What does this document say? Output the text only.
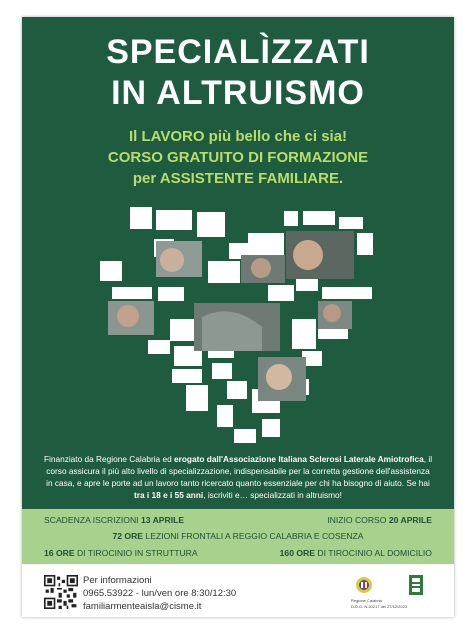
SPECIALÌZZATI
IN ALTRUISMO
Il LAVORO più bello che ci sia!
CORSO GRATUITO DI FORMAZIONE
per ASSISTENTE FAMILIARE.
Finanziato da Regione Calabria ed erogato dall'Associazione Italiana Sclerosi Laterale Amiotrofica, il corso assicura il più alto livello di specializzazione, indispensabile per la corretta gestione dell'assistenza in casa, e apre le porte ad un lavoro tanto ricercato quanto essenziale per chi ha bisogno di aiuto. Se hai tra i 18 e i 55 anni, iscriviti e… specializzati in altruismo!
SCADENZA ISCRIZIONI 13 APRILE	INIZIO CORSO 20 APRILE
72 ORE LEZIONI FRONTALI A REGGIO CALABRIA E COSENZA
16 ORE DI TIROCINIO IN STRUTTURA	160 ORE DI TIROCINIO AL DOMICILIO
Per informazioni
0965.53922 - lun/ven ore 8:30/12:30
familiarmenteaisla@cisme.it
Regione Calabria
D.D.G. N.20217 del 27/12/2023
